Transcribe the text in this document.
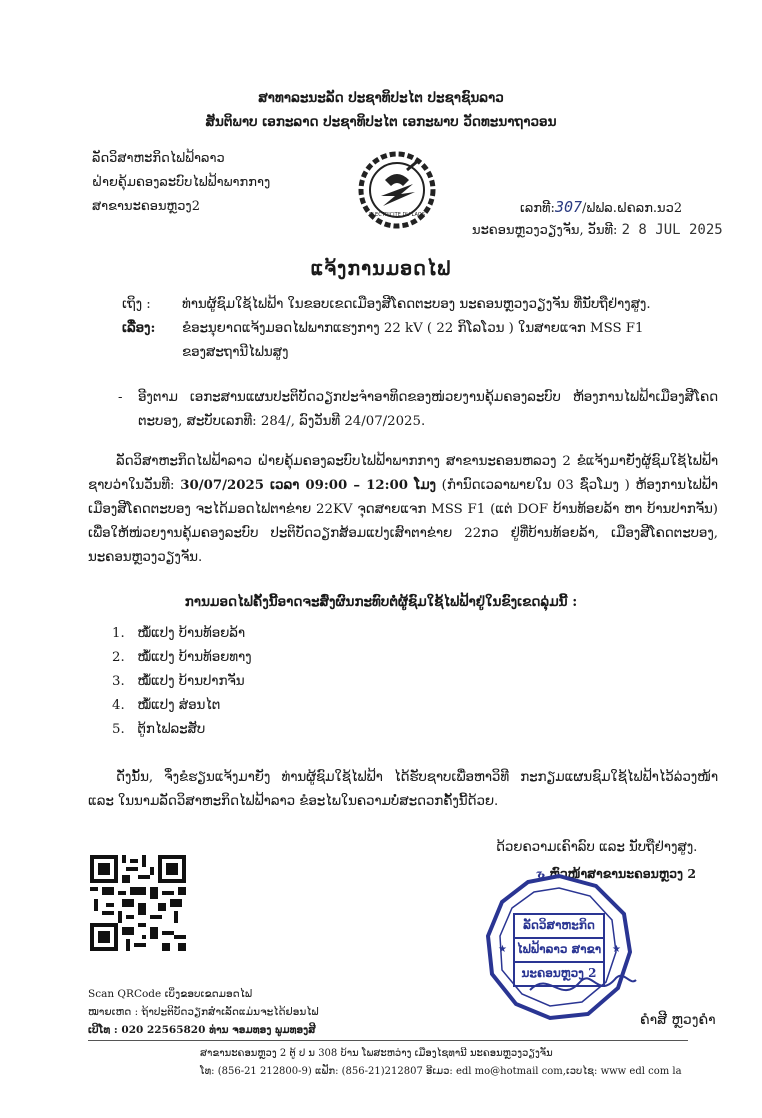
ສາທາລະນະລັດ ປະຊາທິປະໄຕ ປະຊາຊົນລາວ
ສັນຕິພາບ ເອກະລາດ ປະຊາທິປະໄຕ ເອກະພາບ ວັດທະນາຖາວອນ
ລັດວິສາຫະກິດໄຟຟ້າລາວ
ຝ່າຍຄຸ້ມຄອງລະບົບໄຟຟ້າພາກກາງ
ສາຂານະຄອນຫຼວງ2
ELECTRICITE DU LAOS	ເລກທີ:307/ຟຟລ.ຝຄລກ.ນວ2
ນະຄອນຫຼວງວຽງຈັນ, ວັນທີ: 2 8 JUL 2025
ແຈ້ງການມອດໄຟ
ເຖິງ : ທ່ານຜູ້ຊົມໃຊ້ໄຟຟ້າ ໃນຂອບເຂດເມືອງສີໂຄດຕະບອງ ນະຄອນຫຼວງວຽງຈັນ ທີ່ນັບຖືຢ່າງສູງ.
ເລື່ອງ: ຂໍອະນຸຍາດແຈ້ງມອດໄຟພາກແຮງກາງ 22 kV ( 22 ກິໂລໂວນ ) ໃນສາຍແຈກ MSS F1
ຂອງສະຖານີໄຟນສູງ
- ອີງຕາມ ເອກະສານແຜນປະຕິບັດວຽກປະຈໍາອາທິດຂອງໜ່ວຍງານຄຸ້ມຄອງລະບົບ ຫ້ອງການໄຟຟ້າເມືອງສີໂຄດຕະບອງ, ສະບັບເລກທີ: 284/, ລົງວັນທີ 24/07/2025.
ລັດວິສາຫະກິດໄຟຟ້າລາວ ຝ່າຍຄຸ້ມຄອງລະບົບໄຟຟ້າພາກກາງ ສາຂານະຄອນຫລວງ 2 ຂໍແຈ້ງມາຍັງຜູ້ຊົມໃຊ້ໄຟຟ້າຊາບວ່າໃນວັນທີ: 30/07/2025 ເວລາ 09:00 – 12:00 ໂມງ (ກໍານົດເວລາພາຍໃນ 03 ຊົ່ວໂມງ ) ຫ້ອງການໄຟຟ້າເມືອງສີໂຄດຕະບອງ ຈະໄດ້ມອດໄຟຕາຂ່າຍ 22KV ຈຸດສາຍແຈກ MSS F1 (ແຕ່ DOF ບ້ານທ້ອຍລ້າ ຫາ ບ້ານປາກຈັນ) ເພື່ອໃຫ້ໜ່ວຍງານຄຸ້ມຄອງລະບົບ ປະຕິບັດວຽກສ້ອມແປງເສົາຕາຂ່າຍ 22ກວ ຢູ່ທີ່ບ້ານທ້ອຍລ້າ, ເມືອງສີໂຄດຕະບອງ, ນະຄອນຫຼວງວຽງຈັນ.
ການມອດໄຟຄັ້ງນີ້ອາດຈະສົ່ງຜົນກະທົບຕໍ່ຜູ້ຊົມໃຊ້ໄຟຟ້າຢູ່ໃນຂົງເຂດລຸ່ມນີ້ :
1.   ໝໍ້ແປງ ບ້ານທ້ອຍລ້າ
2.   ໝໍ້ແປງ ບ້ານທ້ອຍທາງ
3.   ໝໍ້ແປງ ບ້ານປາກຈັນ
4.   ໝໍ້ແປງ ສ່ອນໄຕ
5.   ຕູ້ກໄຟລະສັບ
ດັ່ງນັ້ນ, ຈຶ່ງຂໍຮຽນແຈ້ງມາຍັງ ທ່ານຜູ້ຊົມໃຊ້ໄຟຟ້າ ໄດ້ຮັບຊາບເພື່ອຫາວິທີ ກະກຽມແຜນຊົມໃຊ້ໄຟຟ້າໄວ້ລ່ວງໜ້າ ແລະ ໃນນາມລັດວິສາຫະກິດໄຟຟ້າລາວ ຂໍອະໄພໃນຄວາມບໍ່ສະດວກຄັ້ງນີ້ດ້ວຍ.
ດ້ວຍຄວາມເຄົາລົບ ແລະ ນັບຖືຢ່າງສູງ.
Scan QRCode ເບິ່ງຂອບເຂດມອດໄຟ
ໝາຍເຫດ : ຖ້າປະຕິບັດວຽກສໍາເລັດແມ່ນຈະໄດ້ຢອນໄຟ
ເບີໂທ : 020 22565820 ທ່ານ ຈອມທອງ ພູມທອງສີ
ъ ຫົວໜ້າສາຂານະຄອນຫຼວງ 2
★	★
ລັດວິສາຫະກິດ
ໄຟຟ້າລາວ ສາຂາ
ນະຄອນຫຼວງ 2
ຄໍາສີ ຫຼວງຄໍາ
ສາຂານະຄອນຫຼວງ 2 ຕູ້ ປ ນ 308 ບ້ານ ໂພສະຫວ່າງ ເມືອງໄຊທານີ ນະຄອນຫຼວງວຽງຈັນ
ໂທ: (856-21 212800-9) ແຟັກ: (856-21)212807 ອີເມວ: edl mo@hotmail com,ເວບໄຊ: www edl com la
